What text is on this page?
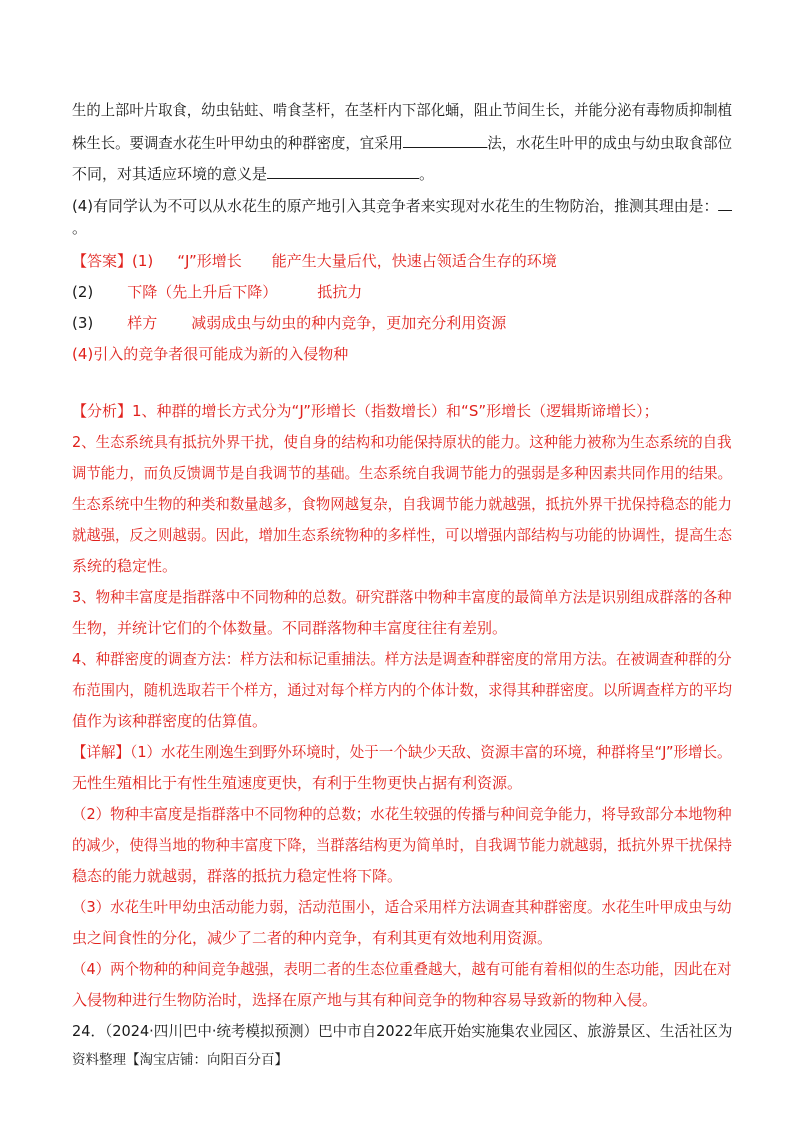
生的上部叶片取食，幼虫钻蛀、啃食茎杆，在茎杆内下部化蛹，阻止节间生长，并能分泌有毒物质抑制植
株生长。要调查水花生叶甲幼虫的种群密度，宜采用	法，水花生叶甲的成虫与幼虫取食部位
不同，对其适应环境的意义是	。
(4)有同学认为不可以从水花生的原产地引入其竞争者来实现对水花生的生物防治，推测其理由是：
。
【答案】(1) “J”形增长 能产生大量后代，快速占领适合生存的环境
(2) 下降（先上升后下降）	抵抗力
(3) 样方 减弱成虫与幼虫的种内竞争，更加充分利用资源
(4)引入的竞争者很可能成为新的入侵物种
【分析】1、种群的增长方式分为“J”形增长（指数增长）和“S”形增长（逻辑斯谛增长）；
2、生态系统具有抵抗外界干扰，使自身的结构和功能保持原状的能力。这种能力被称为生态系统的自我
调节能力，而负反馈调节是自我调节的基础。生态系统自我调节能力的强弱是多种因素共同作用的结果。
生态系统中生物的种类和数量越多，食物网越复杂，自我调节能力就越强，抵抗外界干扰保持稳态的能力
就越强，反之则越弱。因此，增加生态系统物种的多样性，可以增强内部结构与功能的协调性，提高生态
系统的稳定性。
3、物种丰富度是指群落中不同物种的总数。研究群落中物种丰富度的最简单方法是识别组成群落的各种
生物，并统计它们的个体数量。不同群落物种丰富度往往有差别。
4、种群密度的调查方法：样方法和标记重捕法。样方法是调查种群密度的常用方法。在被调查种群的分
布范围内，随机选取若干个样方，通过对每个样方内的个体计数，求得其种群密度。以所调查样方的平均
值作为该种群密度的估算值。
【详解】（1）水花生刚逸生到野外环境时，处于一个缺少天敌、资源丰富的环境，种群将呈“J”形增长。
无性生殖相比于有性生殖速度更快，有利于生物更快占据有利资源。
（2）物种丰富度是指群落中不同物种的总数；水花生较强的传播与种间竞争能力，将导致部分本地物种
的减少，使得当地的物种丰富度下降，当群落结构更为简单时，自我调节能力就越弱，抵抗外界干扰保持
稳态的能力就越弱，群落的抵抗力稳定性将下降。
（3）水花生叶甲幼虫活动能力弱，活动范围小，适合采用样方法调查其种群密度。水花生叶甲成虫与幼
虫之间食性的分化，减少了二者的种内竞争，有利其更有效地利用资源。
（4）两个物种的种间竞争越强，表明二者的生态位重叠越大，越有可能有着相似的生态功能，因此在对
入侵物种进行生物防治时，选择在原产地与其有种间竞争的物种容易导致新的物种入侵。
24．（2024·四川巴中·统考模拟预测）巴中市自2022年底开始实施集农业园区、旅游景区、生活社区为
资料整理【淘宝店铺：向阳百分百】
